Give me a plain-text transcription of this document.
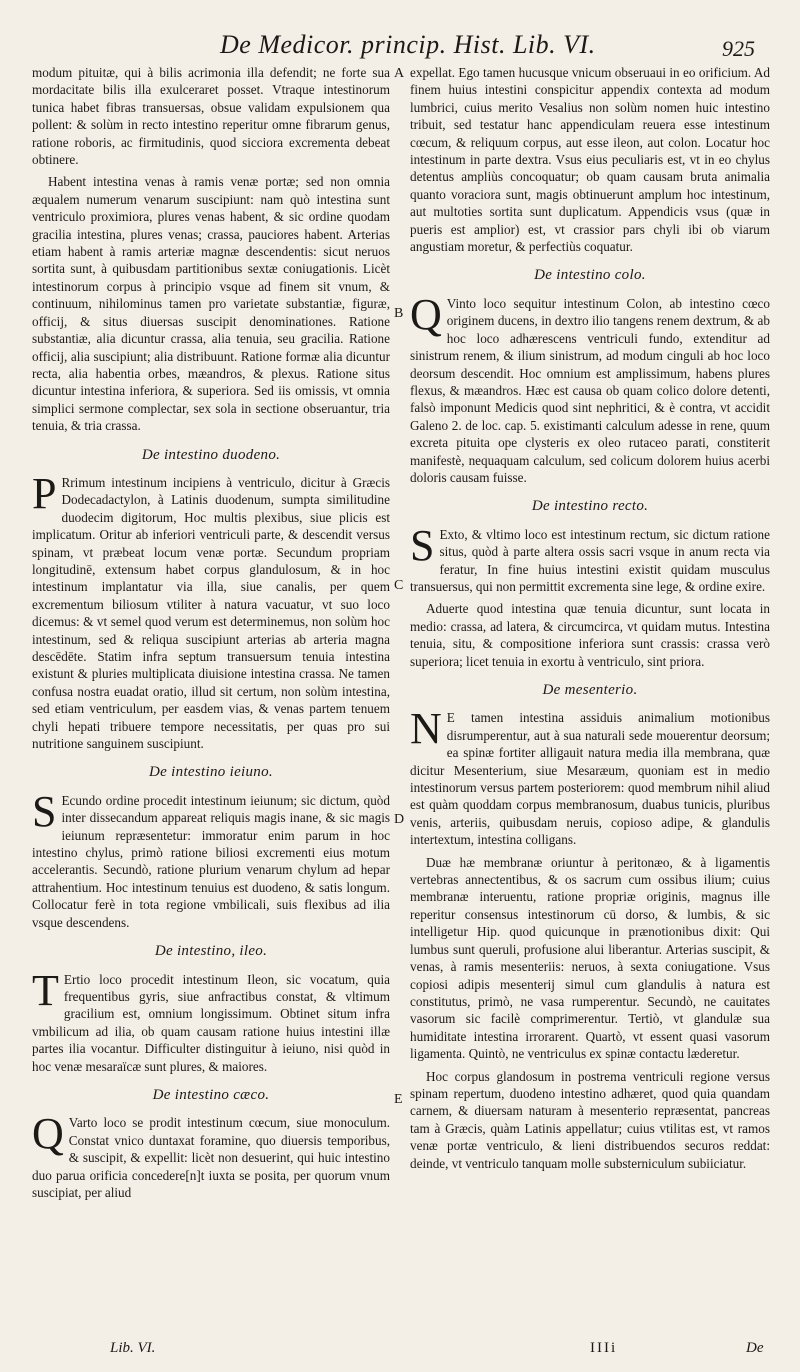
De Medicor. princip. Hist. Lib. VI.	925
A
B
C
D
E

modum pituitæ, qui à bilis acrimonia illa defendit; ne forte sua mordacitate bilis illa exulceraret posset. Vtraque intestinorum tunica habet fibras transuersas, obsue validam expulsionem qua pollent: & solùm in recto intestino reperitur omne fibrarum genus, ratione roboris, ac firmitudinis, quod sicciora excrementa debeat obtinere.

Habent intestina venas à ramis venæ portæ; sed non omnia æqualem numerum venarum suscipiunt: nam quò intestina sunt ventriculo proximiora, plures venas habent, & sic ordine quodam gracilia intestina, plures venas; crassa, pauciores habent. Arterias etiam habent à ramis arteriæ magnæ descendentis: sicut neruos sortita sunt, à quibusdam partitionibus sextæ coniugationis. Licèt intestinorum corpus à principio vsque ad finem sit vnum, & continuum, nihilominus tamen pro varietate substantiæ, figuræ, officij, & situs diuersas suscipit denominationes. Ratione substantiæ, alia dicuntur crassa, alia tenuia, seu gracilia. Ratione officij, alia suscipiunt; alia distribuunt. Ratione formæ alia dicuntur recta, alia habentia orbes, mæandros, & plexus. Ratione situs dicuntur intestina inferiora, & superiora. Sed iis omissis, vt omnia simplici sermone complectar, sex sola in sectione obseruantur, tria tenuia, & tria crassa.

De intestino duodeno.

P Rrimum intestinum incipiens à ventriculo, dicitur à Græcis Dodecadactylon, à Latinis duodenum, sumpta similitudine duodecim digitorum, Hoc multis plexibus, siue plicis est implicatum. Oritur ab inferiori ventriculi parte, & descendit versus spinam, vt præbeat locum venæ portæ. Secundum propriam longitudinē, extensum habet corpus glandulosum, & in hoc intestinum implantatur via illa, siue canalis, per quem excrementum biliosum vtiliter à natura vacuatur, vt suo loco dicemus: & vt semel quod verum est determinemus, non solùm hoc intestinum, sed & reliqua suscipiunt arterias ab arteria magna descēdēte. Statim infra septum transuersum tenuia intestina existunt & pluries multiplicata diuisione intestina crassa. Ne tamen confusa nostra euadat oratio, illud sit certum, non solùm intestina, sed etiam ventriculum, per easdem vias, & venas partem tenuem chyli hepati tribuere tempore necessitatis, per quas pro sui nutritione sanguinem suscipiunt.

De intestino ieiuno.

S Ecundo ordine procedit intestinum ieiunum; sic dictum, quòd inter dissecandum appareat reliquis magis inane, & sic magis ieiunum repræsentetur: immoratur enim parum in hoc intestino chylus, primò ratione biliosi excrementi eius motum accelerantis. Secundò, ratione plurium venarum chylum ad hepar attrahentium. Hoc intestinum tenuius est duodeno, & satis longum. Collocatur ferè in tota regione vmbilicali, suis flexibus ad ilia vsque descendens.

De intestino, ileo.

T Ertio loco procedit intestinum Ileon, sic vocatum, quia frequentibus gyris, siue anfractibus constat, & vltimum gracilium est, omnium longissimum. Obtinet situm infra vmbilicum ad ilia, ob quam causam ratione huius intestini illæ partes ilia vocantur. Difficulter distinguitur à ieiuno, nisi quòd in hoc venæ mesaraïcæ sunt plures, & maiores.

De intestino cæco.

Q Varto loco se prodit intestinum cœcum, siue monoculum. Constat vnico duntaxat foramine, quo diuersis temporibus, & suscipit, & expellit: licèt non desuerint, qui huic intestino duo parua orificia concedere[n]t iuxta se posita, per quorum vnum suscipiat, per aliud

expellat. Ego tamen hucusque vnicum obseruaui in eo orificium. Ad finem huius intestini conspicitur appendix contexta ad modum lumbrici, cuius merito Vesalius non solùm nomen huic intestino tribuit, sed testatur hanc appendiculam reuera esse intestinum cœcum, & reliquum corpus, aut esse ileon, aut colon. Locatur hoc intestinum in parte dextra. Vsus eius peculiaris est, vt in eo chylus detentus ampliùs concoquatur; ob quam causam bruta animalia quanto voraciora sunt, magis obtinuerunt amplum hoc intestinum, aut multoties sortita sunt duplicatum. Appendicis vsus (quæ in pueris est amplior) est, vt crassior pars chyli ibi ob viarum angustiam moretur, & perfectiùs coquatur.

De intestino colo.

Q Vinto loco sequitur intestinum Colon, ab intestino cœco originem ducens, in dextro ilio tangens renem dextrum, & ab hoc loco adhærescens ventriculi fundo, extenditur ad sinistrum renem, & ilium sinistrum, ad modum cinguli ab hoc loco deorsum descendit. Hoc omnium est amplissimum, habens plures flexus, & mæandros. Hæc est causa ob quam colico dolore detenti, falsò imponunt Medicis quod sint nephritici, & è contra, vt accidit Galeno 2. de loc. cap. 5. existimanti calculum adesse in rene, quum excreta pituita ope clysteris ex oleo rutaceo parati, constiterit manifestè, nequaquam calculum, sed colicum dolorem huius acerbi doloris causam fuisse.

De intestino recto.

S Exto, & vltimo loco est intestinum rectum, sic dictum ratione situs, quòd à parte altera ossis sacri vsque in anum recta via feratur, In fine huius intestini existit quidam musculus transuersus, qui non permittit excrementa sine lege, & ordine exire.

Aduerte quod intestina quæ tenuia dicuntur, sunt locata in medio: crassa, ad latera, & circumcirca, vt quidam mutus. Intestina tenuia, situ, & compositione inferiora sunt crassis: crassa verò superiora; licet tenuia in exortu à ventriculo, sint priora.

De mesenterio.

N E tamen intestina assiduis animalium motionibus disrumperentur, aut à sua naturali sede mouerentur deorsum; ea spinæ fortiter alligauit natura media illa membrana, quæ dicitur Mesenterium, siue Mesaræum, quoniam est in medio intestinorum versus partem posteriorem: quod membrum nihil aliud est quàm quoddam corpus membranosum, duabus tunicis, pluribus venis, arteriis, quibusdam neruis, copioso adipe, & glandulis intertextum, intestina colligans.

Duæ hæ membranæ oriuntur à peritonæo, & à ligamentis vertebras annectentibus, & os sacrum cum ossibus ilium; cuius membranæ interuentu, ratione propriæ originis, magnus ille reperitur consensus intestinorum cū dorso, & lumbis, & sic intelligetur Hip. quod quicunque in prænotionibus dixit: Qui lumbus sunt queruli, profusione alui liberantur. Arterias suscipit, & venas, à ramis mesenteriis: neruos, à sexta coniugatione. Vsus copiosi adipis mesenterij simul cum glandulis à natura est constitutus, primò, ne vasa rumperentur. Secundò, ne cauitates vasorum sic facilè comprimerentur. Tertiò, vt glandulæ sua humiditate intestina irrorarent. Quartò, vt essent quasi vasorum ligamenta. Quintò, ne ventriculus ex spinæ contactu læderetur.

Hoc corpus glandosum in postrema ventriculi regione versus spinam repertum, duodeno intestino adhæret, quod quia quandam carnem, & diuersam naturam à mesenterio repræsentat, pancreas tam à Græcis, quàm Latinis appellatur; cuius vtilitas est, vt ramos venæ portæ ventriculo, & lieni distribuendos securos reddat: deinde, vt ventriculo tanquam molle substerniculum subiiciatur.

Lib. VI.	IIIi	De
